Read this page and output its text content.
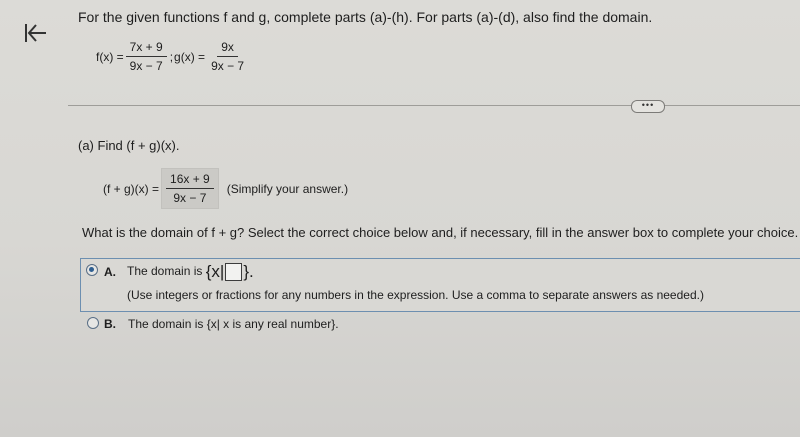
For the given functions f and g, complete parts (a)-(h). For parts (a)-(d), also find the domain.
$f(x) = \frac{7x + 9}{9x - 7}$ ; $g(x) = \frac{9x}{9x - 7}$
•••
(a) Find (f + g)(x).
$(f + g)(x) = \frac{16x + 9}{9x - 7}$ (Simplify your answer.)
What is the domain of f + g? Select the correct choice below and, if necessary, fill in the answer box to complete your choice.
A. The domain is {x| }.
(Use integers or fractions for any numbers in the expression. Use a comma to separate answers as needed.)
B. The domain is {x| x is any real number}.
